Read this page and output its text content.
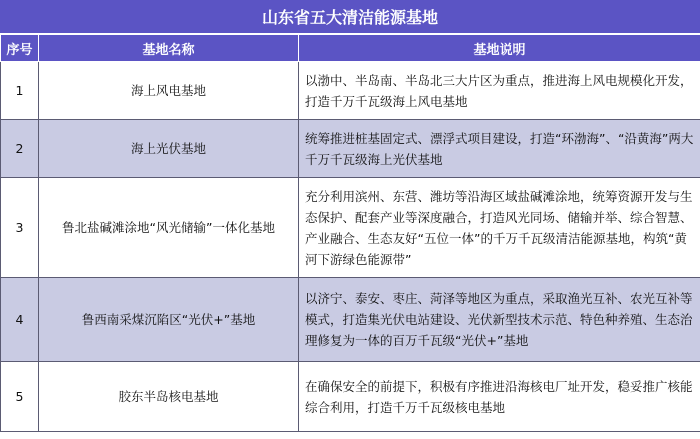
山东省五大清洁能源基地
序号	基地名称	基地说明
1	海上风电基地	以渤中、半岛南、半岛北三大片区为重点，推进海上风电规模化开发，打造千万千瓦级海上风电基地
2	海上光伏基地	统筹推进桩基固定式、漂浮式项目建设，打造“环渤海”、“沿黄海”两大千万千瓦级海上光伏基地
3	鲁北盐碱滩涂地“风光储输”一体化基地	充分利用滨州、东营、潍坊等沿海区域盐碱滩涂地，统筹资源开发与生态保护、配套产业等深度融合，打造风光同场、储输并举、综合智慧、产业融合、生态友好“五位一体”的千万千瓦级清洁能源基地，构筑“黄河下游绿色能源带”
4	鲁西南采煤沉陷区“光伏+”基地	以济宁、泰安、枣庄、菏泽等地区为重点，采取渔光互补、农光互补等模式，打造集光伏电站建设、光伏新型技术示范、特色种养殖、生态治理修复为一体的百万千瓦级“光伏+”基地
5	胶东半岛核电基地	在确保安全的前提下，积极有序推进沿海核电厂址开发，稳妥推广核能综合利用，打造千万千瓦级核电基地
